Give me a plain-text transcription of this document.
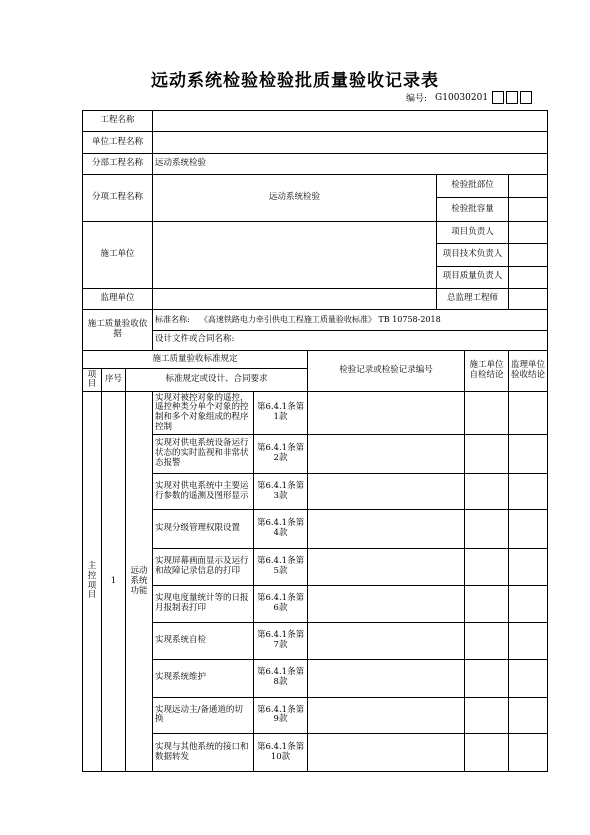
远动系统检验检验批质量验收记录表
编号: G10030201
工程名称								
单位工程名称								
分部工程名称			远动系统检验					
分项工程名称			远动系统检验			检验批部位		
						检验批容量		
施工单位						项目负责人		
						项目技术负责人		
						项目质量负责人		
监理单位						总监理工程师		
施工质量验收依据			标准名称: 《高速铁路电力牵引供电工程施工质量验收标准》 TB 10758-2018					
			设计文件或合同名称:					
施工质量验收标准规定					检验记录或检验记录编号		施工单位自检结论	监理单位验收结论
项目	序号	标准规定或设计、合同要求						
主控项目	1	远动系统功能	实现对被控对象的遥控，遥控种类分单个对象的控制和多个对象组成的程序控制	第6.4.1条第1款				
			实现对供电系统设备运行状态的实时监视和非常状态报警	第6.4.1条第2款				
			实现对供电系统中主要运行参数的遥测及图形显示	第6.4.1条第3款				
			实现分级管理权限设置	第6.4.1条第4款				
			实现屏幕画面显示及运行和故障记录信息的打印	第6.4.1条第5款				
			实现电度量统计等的日报月报制表打印	第6.4.1条第6款				
			实现系统自检	第6.4.1条第7款				
			实现系统维护	第6.4.1条第8款				
			实现远动主/备通道的切换	第6.4.1条第9款				
			实现与其他系统的接口和数据转发	第6.4.1条第10款				
